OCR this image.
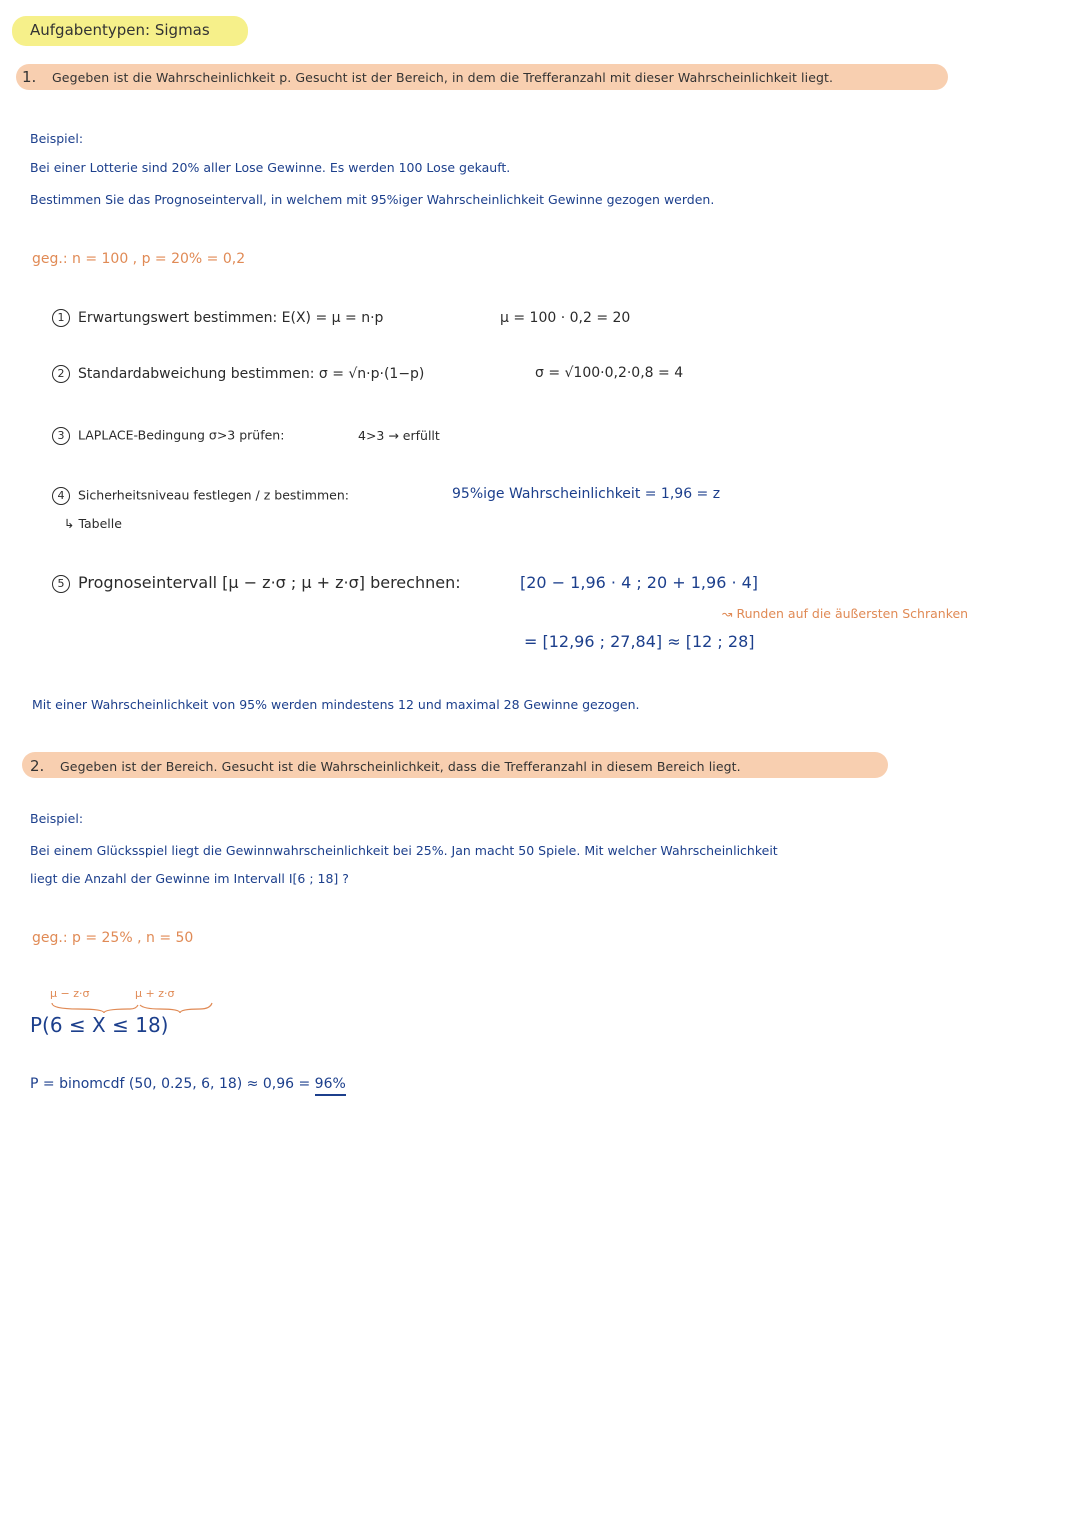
Aufgabentypen: Sigmas
1. Gegeben ist die Wahrscheinlichkeit p. Gesucht ist der Bereich, in dem die Trefferanzahl mit dieser Wahrscheinlichkeit liegt.
Beispiel:
Bei einer Lotterie sind 20% aller Lose Gewinne. Es werden 100 Lose gekauft.
Bestimmen Sie das Prognoseintervall, in welchem mit 95%iger Wahrscheinlichkeit Gewinne gezogen werden.
geg.: n = 100 , p = 20% = 0,2
1 Erwartungswert bestimmen: E(X) = μ = n·p	μ = 100 · 0,2 = 20
2 Standardabweichung bestimmen: σ = √n·p·(1−p)	σ = √100·0,2·0,8 = 4
3 LAPLACE-Bedingung σ>3 prüfen:	4>3 → erfüllt
4 Sicherheitsniveau festlegen / z bestimmen:
↳ Tabelle
95%ige Wahrscheinlichkeit = 1,96 = z
5 Prognoseintervall [μ − z·σ ; μ + z·σ] berechnen:	[20 − 1,96 · 4 ; 20 + 1,96 · 4]
↝ Runden auf die äußersten Schranken
= [12,96 ; 27,84] ≈ [12 ; 28]
Mit einer Wahrscheinlichkeit von 95% werden mindestens 12 und maximal 28 Gewinne gezogen.
2. Gegeben ist der Bereich. Gesucht ist die Wahrscheinlichkeit, dass die Trefferanzahl in diesem Bereich liegt.
Beispiel:
Bei einem Glücksspiel liegt die Gewinnwahrscheinlichkeit bei 25%. Jan macht 50 Spiele. Mit welcher Wahrscheinlichkeit
liegt die Anzahl der Gewinne im Intervall I[6 ; 18] ?
geg.: p = 25% , n = 50
μ − z·σ	μ + z·σ
P(6 ≤ X ≤ 18)
P = binomcdf (50, 0.25, 6, 18) ≈ 0,96 = 96%
